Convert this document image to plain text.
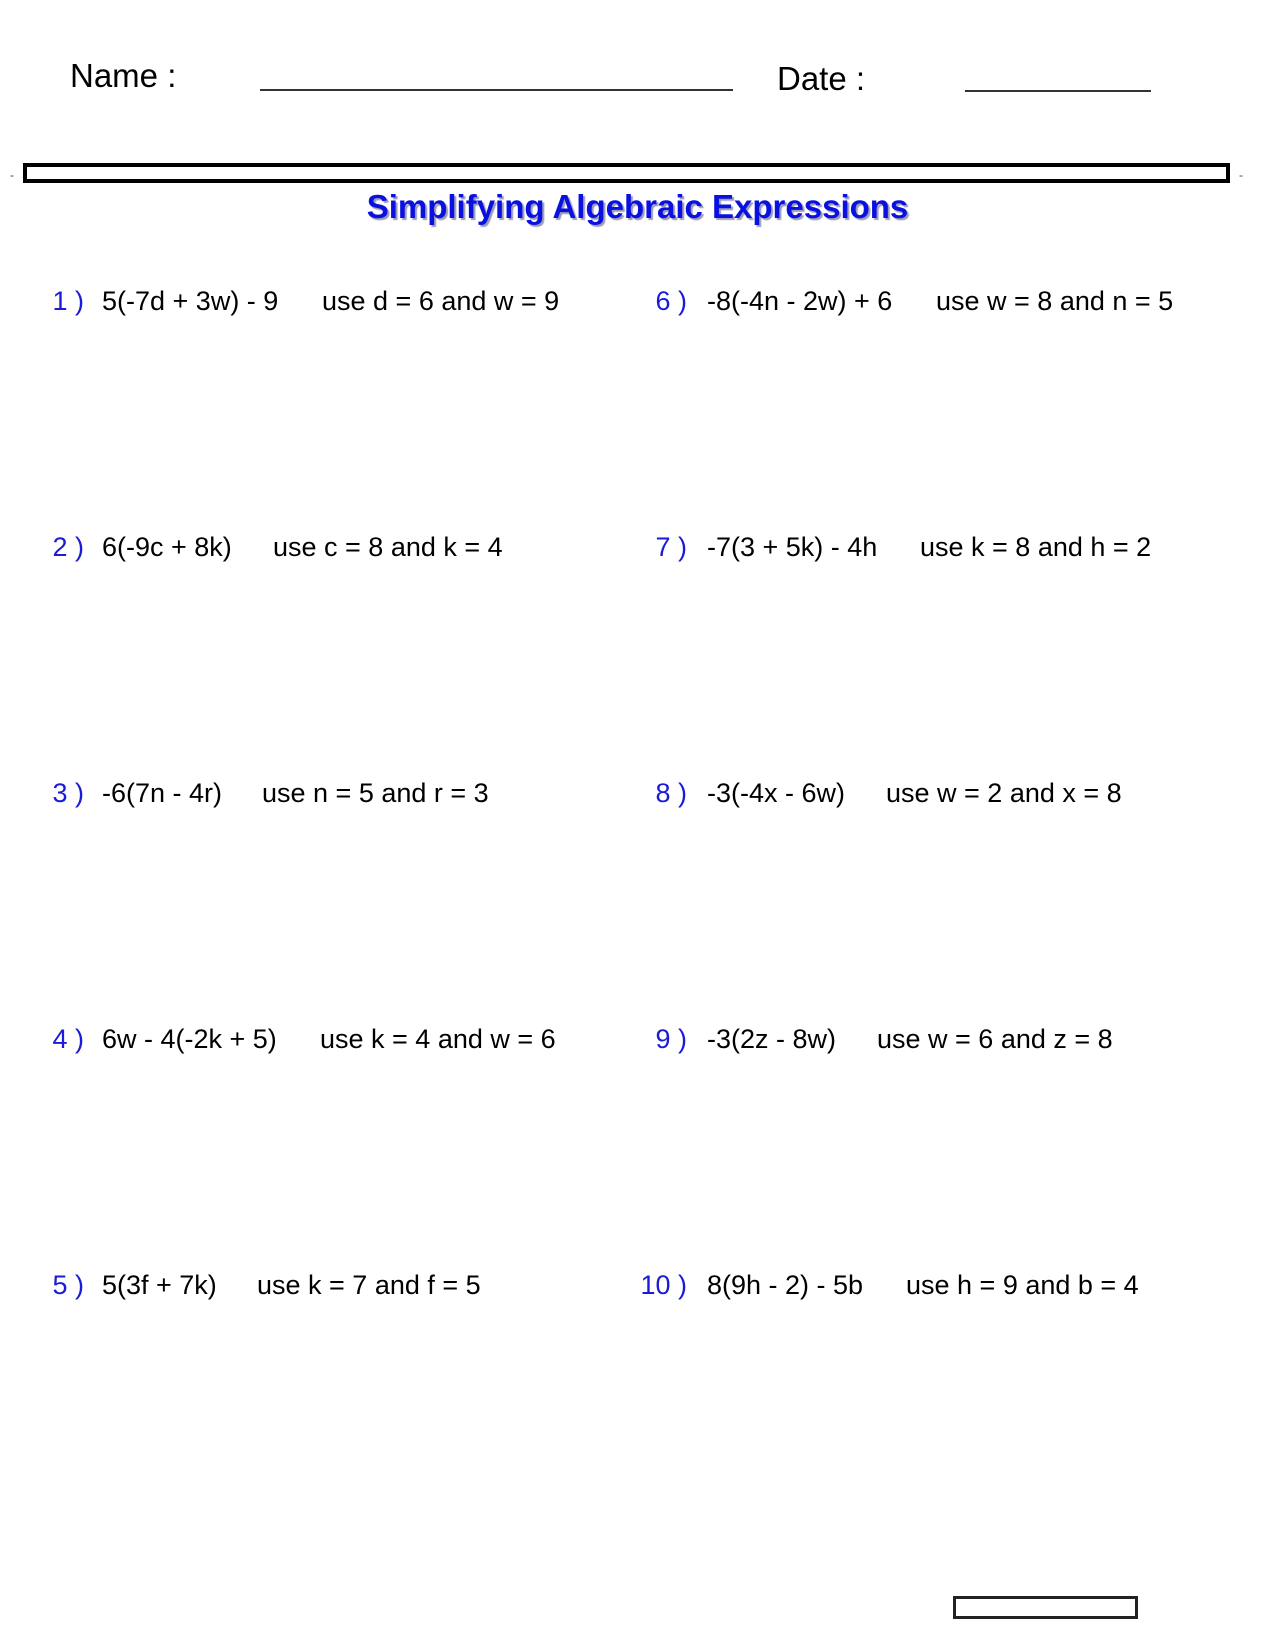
Name :	Date :
-	-
Simplifying Algebraic Expressions
1 ) 5(-7d + 3w) - 9 use d = 6 and w = 9
2 ) 6(-9c + 8k) use c = 8 and k = 4
3 ) -6(7n - 4r) use n = 5 and r = 3
4 ) 6w - 4(-2k + 5) use k = 4 and w = 6
5 ) 5(3f + 7k) use k = 7 and f = 5
6 ) -8(-4n - 2w) + 6 use w = 8 and n = 5
7 ) -7(3 + 5k) - 4h use k = 8 and h = 2
8 ) -3(-4x - 6w) use w = 2 and x = 8
9 ) -3(2z - 8w) use w = 6 and z = 8
10 ) 8(9h - 2) - 5b use h = 9 and b = 4
